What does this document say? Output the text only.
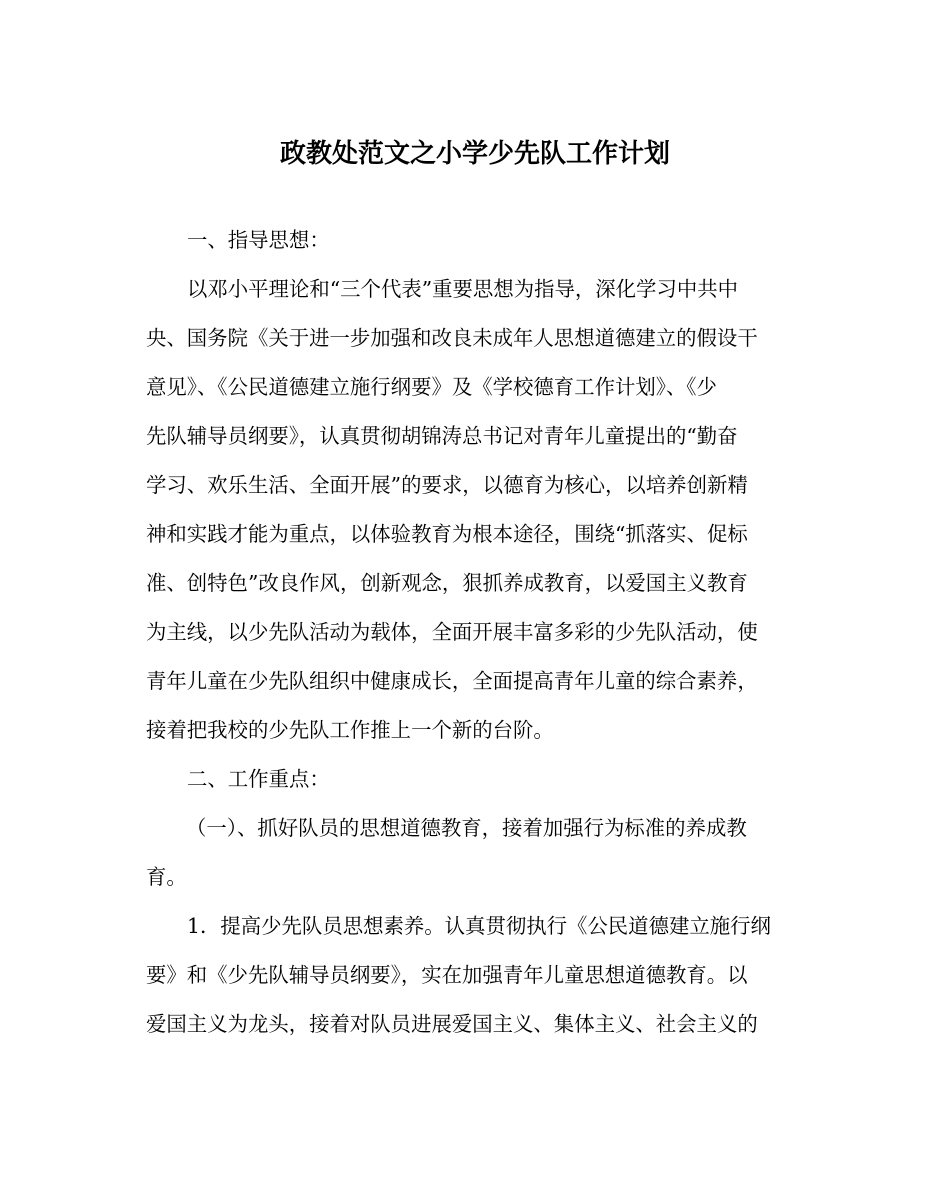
政教处范文之小学少先队工作计划
一、指导思想：
以邓小平理论和“三个代表”重要思想为指导，深化学习中共中
央、国务院《关于进一步加强和改良未成年人思想道德建立的假设干
意见》、《公民道德建立施行纲要》及《学校德育工作计划》、《少
先队辅导员纲要》，认真贯彻胡锦涛总书记对青年儿童提出的“勤奋
学习、欢乐生活、全面开展”的要求，以德育为核心，以培养创新精
神和实践才能为重点，以体验教育为根本途径，围绕“抓落实、促标
准、创特色”改良作风，创新观念，狠抓养成教育，以爱国主义教育
为主线，以少先队活动为载体，全面开展丰富多彩的少先队活动，使
青年儿童在少先队组织中健康成长，全面提高青年儿童的综合素养，
接着把我校的少先队工作推上一个新的台阶。
二、工作重点：
（一）、抓好队员的思想道德教育，接着加强行为标准的养成教
育。
1．提高少先队员思想素养。认真贯彻执行《公民道德建立施行纲
要》和《少先队辅导员纲要》，实在加强青年儿童思想道德教育。以
爱国主义为龙头，接着对队员进展爱国主义、集体主义、社会主义的
